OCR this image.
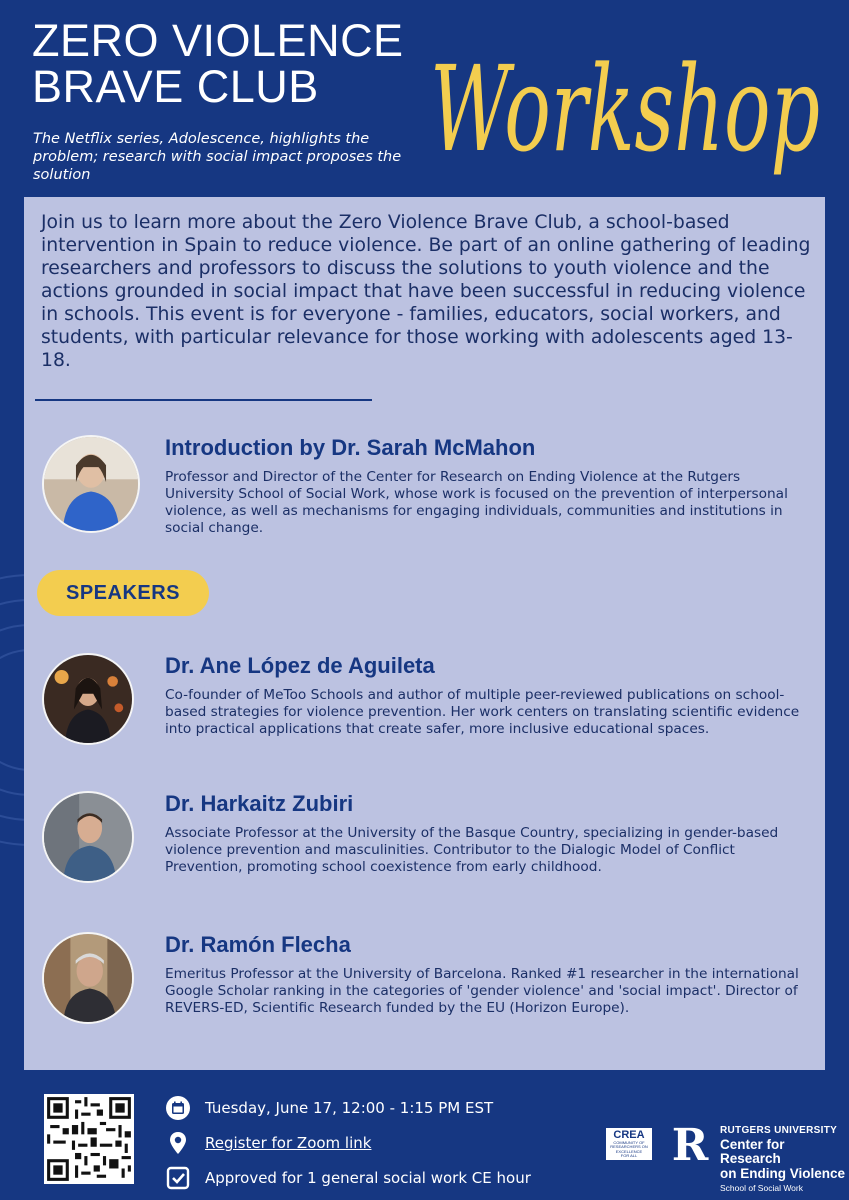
ZERO VIOLENCE
BRAVE CLUB
The Netflix series, Adolescence, highlights the problem; research with social impact proposes the solution	Workshop
Join us to learn more about the Zero Violence Brave Club, a school-based intervention in Spain to reduce violence. Be part of an online gathering of leading researchers and professors to discuss the solutions to youth violence and the actions grounded in social impact that have been successful in reducing violence in schools. This event is for everyone - families, educators, social workers, and students, with particular relevance for those working with adolescents aged 13-18.
Introduction by Dr. Sarah McMahon
Professor and Director of the Center for Research on Ending Violence at the Rutgers University School of Social Work, whose work is focused on the prevention of interpersonal violence, as well as mechanisms for engaging individuals, communities and institutions in social change.
SPEAKERS
Dr. Ane López de Aguileta
Co-founder of MeToo Schools and author of multiple peer-reviewed publications on school-based strategies for violence prevention. Her work centers on translating scientific evidence into practical applications that create safer, more inclusive educational spaces.
Dr. Harkaitz Zubiri
Associate Professor at the University of the Basque Country, specializing in gender-based violence prevention and masculinities. Contributor to the Dialogic Model of Conflict Prevention, promoting school coexistence from early childhood.
Dr. Ramón Flecha
Emeritus Professor at the University of Barcelona. Ranked #1 researcher in the international Google Scholar ranking in the categories of 'gender violence' and 'social impact'. Director of REVERS-ED, Scientific Research funded by the EU (Horizon Europe).
Tuesday, June 17, 12:00 - 1:15 PM EST
Register for Zoom link
Approved for 1 general social work CE hour
CREA
COMMUNITY OF
RESEARCHERS ON
EXCELLENCE
FOR ALL R RUTGERS UNIVERSITY
Center for Research
on Ending Violence
School of Social Work
